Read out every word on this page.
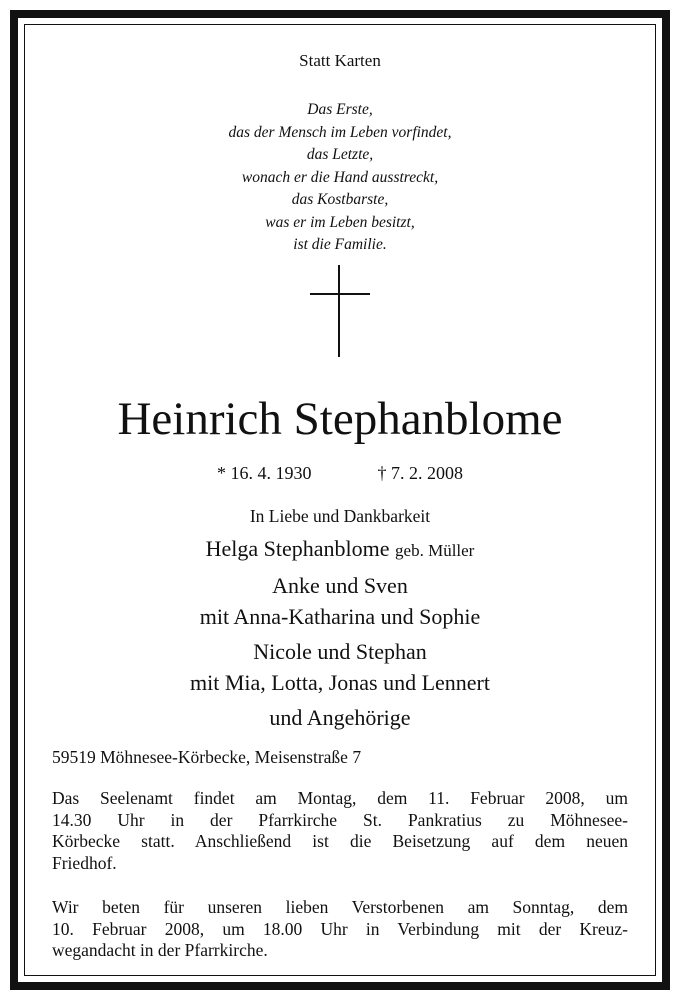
Statt Karten
Das Erste,
das der Mensch im Leben vorfindet,
das Letzte,
wonach er die Hand ausstreckt,
das Kostbarste,
was er im Leben besitzt,
ist die Familie.
Heinrich Stephanblome
* 16. 4. 1930	† 7. 2. 2008
In Liebe und Dankbarkeit
Helga Stephanblome geb. Müller
Anke und Sven
mit Anna-Katharina und Sophie
Nicole und Stephan
mit Mia, Lotta, Jonas und Lennert
und Angehörige
59519 Möhnesee-Körbecke, Meisenstraße 7
Das Seelenamt findet am Montag, dem 11. Februar 2008, um
14.30 Uhr in der Pfarrkirche St. Pankratius zu Möhnesee-
Körbecke statt. Anschließend ist die Beisetzung auf dem neuen
Friedhof.
Wir beten für unseren lieben Verstorbenen am Sonntag, dem
10. Februar 2008, um 18.00 Uhr in Verbindung mit der Kreuz-
wegandacht in der Pfarrkirche.
